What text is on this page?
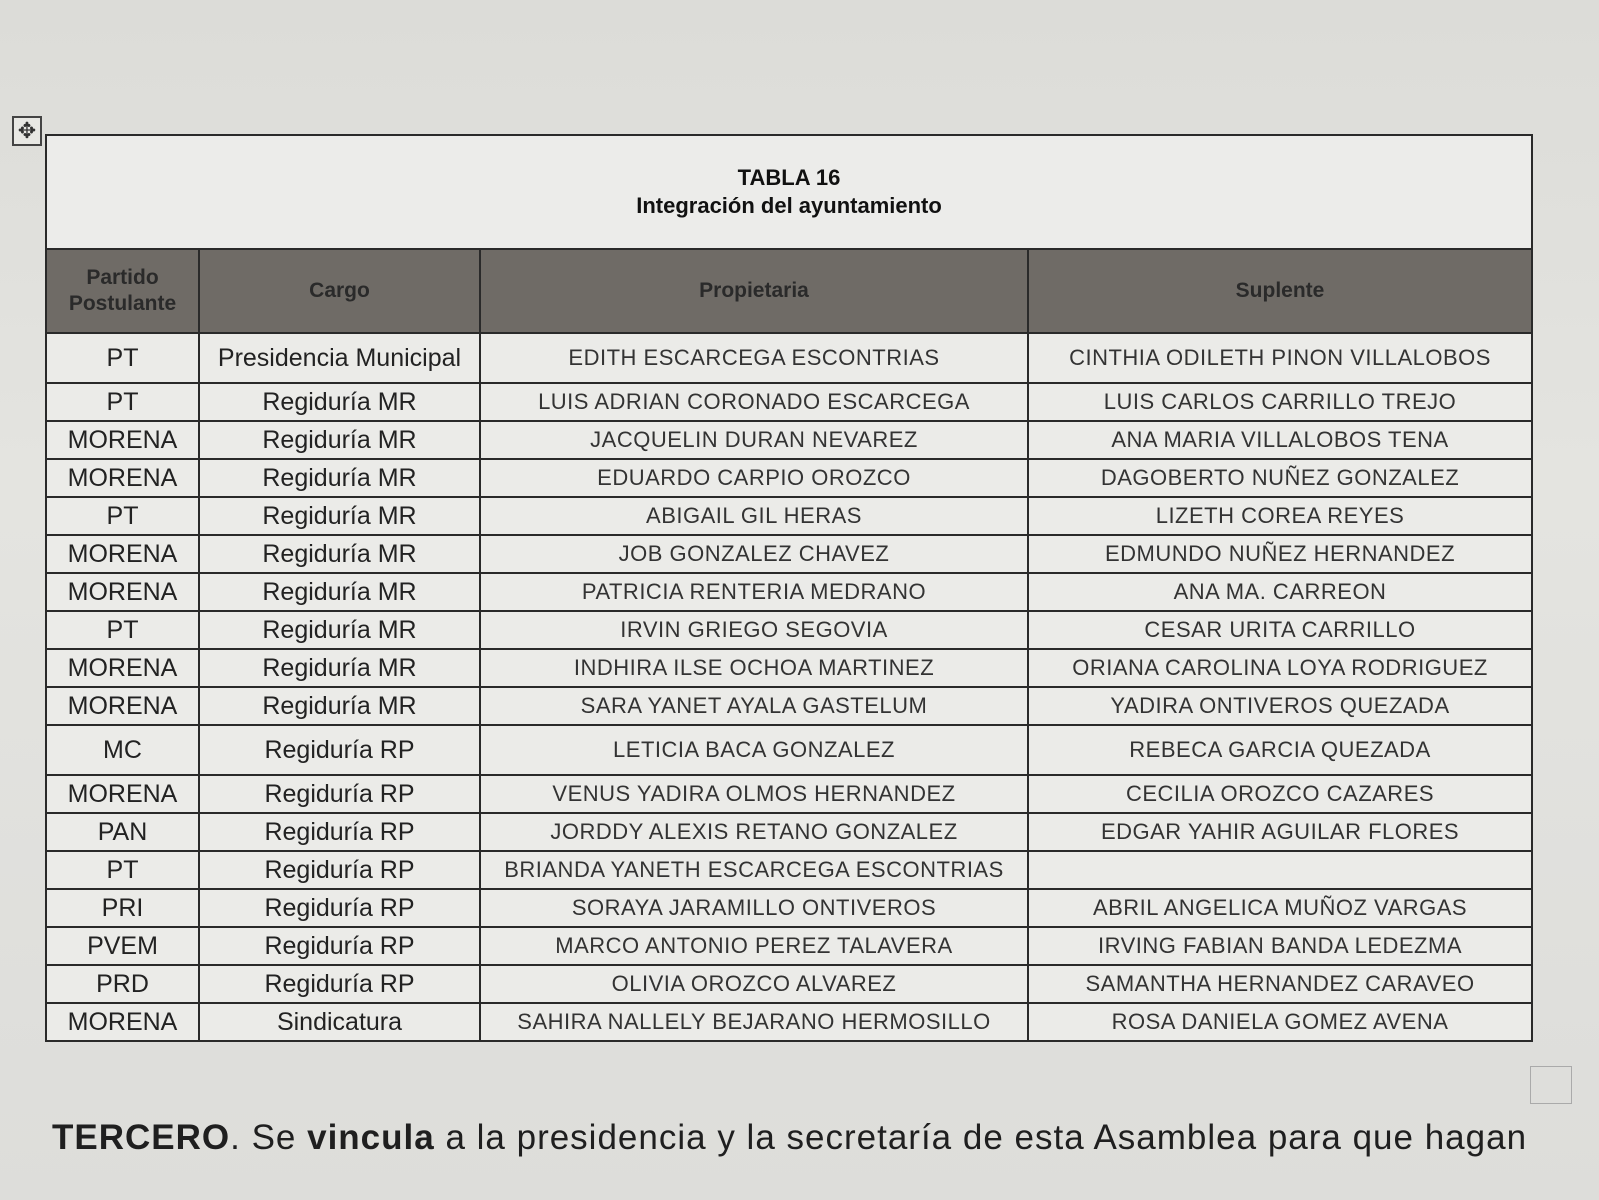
✥
TABLA 16
Integración del ayuntamiento			

Partido
Postulante	Cargo	Propietaria	Suplente
PT	Presidencia Municipal	EDITH ESCARCEGA ESCONTRIAS	CINTHIA ODILETH PINON VILLALOBOS
PT	Regiduría MR	LUIS ADRIAN CORONADO ESCARCEGA	LUIS CARLOS CARRILLO TREJO
MORENA	Regiduría MR	JACQUELIN DURAN NEVAREZ	ANA MARIA VILLALOBOS TENA
MORENA	Regiduría MR	EDUARDO CARPIO OROZCO	DAGOBERTO NUÑEZ GONZALEZ
PT	Regiduría MR	ABIGAIL GIL HERAS	LIZETH COREA REYES
MORENA	Regiduría MR	JOB GONZALEZ CHAVEZ	EDMUNDO NUÑEZ HERNANDEZ
MORENA	Regiduría MR	PATRICIA RENTERIA MEDRANO	ANA MA. CARREON
PT	Regiduría MR	IRVIN GRIEGO SEGOVIA	CESAR URITA CARRILLO
MORENA	Regiduría MR	INDHIRA ILSE OCHOA MARTINEZ	ORIANA CAROLINA LOYA RODRIGUEZ
MORENA	Regiduría MR	SARA YANET AYALA GASTELUM	YADIRA ONTIVEROS QUEZADA
MC	Regiduría RP	LETICIA BACA GONZALEZ	REBECA GARCIA QUEZADA
MORENA	Regiduría RP	VENUS YADIRA OLMOS HERNANDEZ	CECILIA OROZCO CAZARES
PAN	Regiduría RP	JORDDY ALEXIS RETANO GONZALEZ	EDGAR YAHIR AGUILAR FLORES
PT	Regiduría RP	BRIANDA YANETH ESCARCEGA ESCONTRIAS	
PRI	Regiduría RP	SORAYA JARAMILLO ONTIVEROS	ABRIL ANGELICA MUÑOZ VARGAS
PVEM	Regiduría RP	MARCO ANTONIO PEREZ TALAVERA	IRVING FABIAN BANDA LEDEZMA
PRD	Regiduría RP	OLIVIA OROZCO ALVAREZ	SAMANTHA HERNANDEZ CARAVEO
MORENA	Sindicatura	SAHIRA NALLELY BEJARANO HERMOSILLO	ROSA DANIELA GOMEZ AVENA
TERCERO. Se vincula a la presidencia y la secretaría de esta Asamblea para que hagan
